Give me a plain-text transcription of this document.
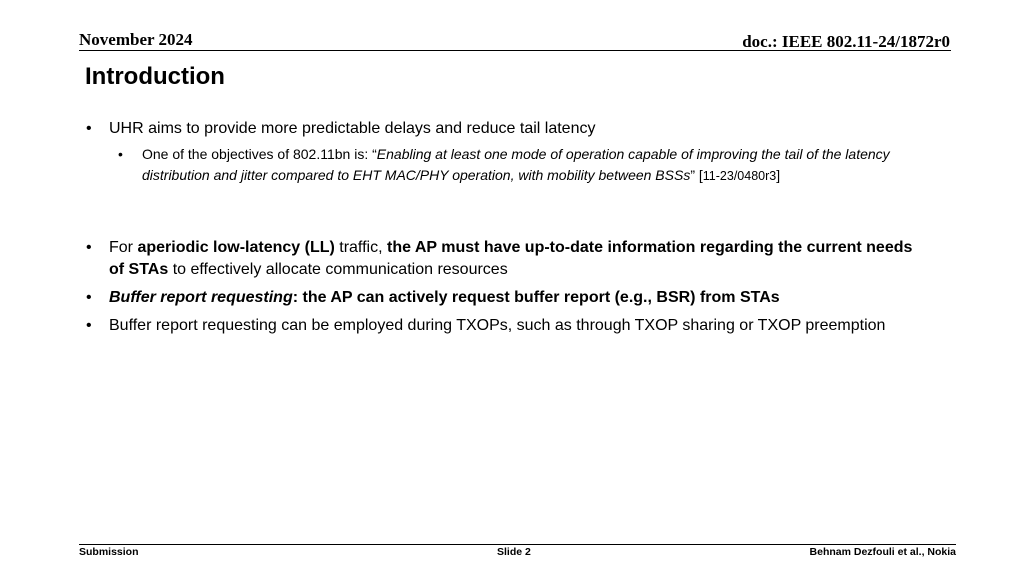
November 2024	doc.: IEEE 802.11-24/1872r0
Introduction
• UHR aims to provide more predictable delays and reduce tail latency
• One of the objectives of 802.11bn is: “Enabling at least one mode of operation capable of improving the tail of the latency distribution and jitter compared to EHT MAC/PHY operation, with mobility between BSSs” [11-23/0480r3]
• For aperiodic low-latency (LL) traffic, the AP must have up-to-date information regarding the current needs of STAs to effectively allocate communication resources
• Buffer report requesting: the AP can actively request buffer report (e.g., BSR) from STAs
• Buffer report requesting can be employed during TXOPs, such as through TXOP sharing or TXOP preemption
Submission	Slide 2	Behnam Dezfouli et al., Nokia
